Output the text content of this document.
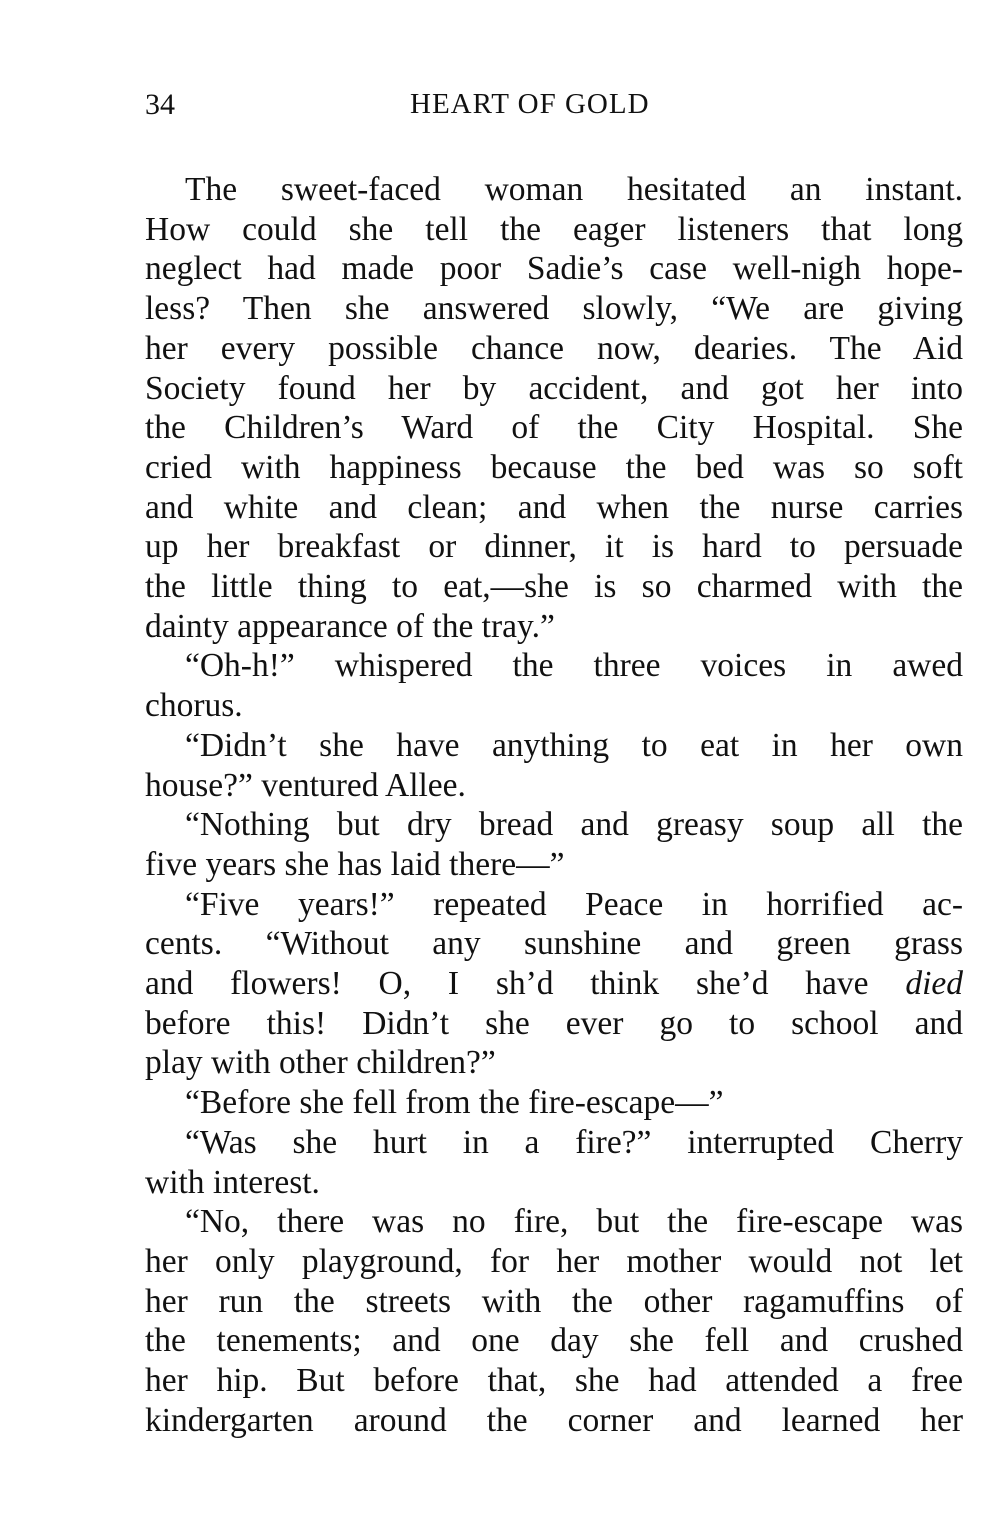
34	HEART OF GOLD
The sweet-faced woman hesitated an instant.
How could she tell the eager listeners that long
neglect had made poor Sadie’s case well-nigh hope-
less? Then she answered slowly, “We are giving
her every possible chance now, dearies. The Aid
Society found her by accident, and got her into
the Children’s Ward of the City Hospital. She
cried with happiness because the bed was so soft
and white and clean; and when the nurse carries
up her breakfast or dinner, it is hard to persuade
the little thing to eat,—she is so charmed with the
dainty appearance of the tray.”
“Oh-h!” whispered the three voices in awed
chorus.
“Didn’t she have anything to eat in her own
house?” ventured Allee.
“Nothing but dry bread and greasy soup all the
five years she has laid there—”
“Five years!” repeated Peace in horrified ac-
cents. “Without any sunshine and green grass
and flowers! O, I sh’d think she’d have died
before this! Didn’t she ever go to school and
play with other children?”
“Before she fell from the fire-escape—”
“Was she hurt in a fire?” interrupted Cherry
with interest.
“No, there was no fire, but the fire-escape was
her only playground, for her mother would not let
her run the streets with the other ragamuffins of
the tenements; and one day she fell and crushed
her hip. But before that, she had attended a free
kindergarten around the corner and learned her
